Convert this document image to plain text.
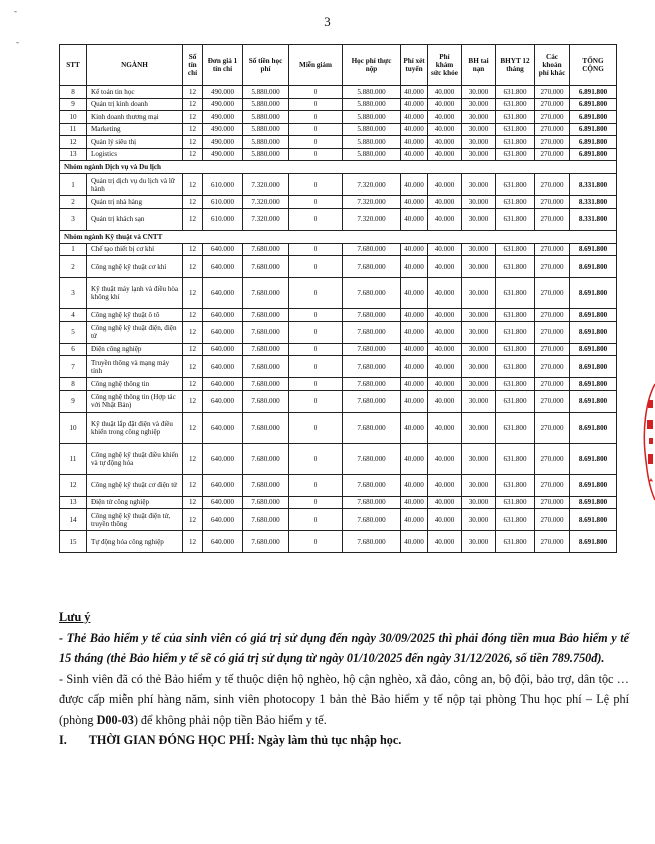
-
-
3
STT	NGÀNH	Số tín chỉ	Đơn giá 1 tín chỉ	Số tiền học phí	Miễn giảm	Học phí thực nộp	Phí xét tuyển	Phí khám sức khỏe	BH tai nạn	BHYT 12 tháng	Các khoản phí khác	TỔNG CỘNG
8	Kế toán tin học	12	490.000	5.880.000	0	5.880.000	40.000	40.000	30.000	631.800	270.000	6.891.800
9	Quản trị kinh doanh	12	490.000	5.880.000	0	5.880.000	40.000	40.000	30.000	631.800	270.000	6.891.800
10	Kinh doanh thương mại	12	490.000	5.880.000	0	5.880.000	40.000	40.000	30.000	631.800	270.000	6.891.800
11	Marketing	12	490.000	5.880.000	0	5.880.000	40.000	40.000	30.000	631.800	270.000	6.891.800
12	Quản lý siêu thị	12	490.000	5.880.000	0	5.880.000	40.000	40.000	30.000	631.800	270.000	6.891.800
13	Logistics	12	490.000	5.880.000	0	5.880.000	40.000	40.000	30.000	631.800	270.000	6.891.800
Nhóm ngành Dịch vụ và Du lịch												
1	Quản trị dịch vụ du lịch và lữ hành	12	610.000	7.320.000	0	7.320.000	40.000	40.000	30.000	631.800	270.000	8.331.800
2	Quản trị nhà hàng	12	610.000	7.320.000	0	7.320.000	40.000	40.000	30.000	631.800	270.000	8.331.800
3	Quản trị khách sạn	12	610.000	7.320.000	0	7.320.000	40.000	40.000	30.000	631.800	270.000	8.331.800
Nhóm ngành Kỹ thuật và CNTT												
1	Chế tạo thiết bị cơ khí	12	640.000	7.680.000	0	7.680.000	40.000	40.000	30.000	631.800	270.000	8.691.800
2	Công nghệ kỹ thuật cơ khí	12	640.000	7.680.000	0	7.680.000	40.000	40.000	30.000	631.800	270.000	8.691.800
3	Kỹ thuật máy lạnh và điều hòa không khí	12	640.000	7.680.000	0	7.680.000	40.000	40.000	30.000	631.800	270.000	8.691.800
4	Công nghệ kỹ thuật ô tô	12	640.000	7.680.000	0	7.680.000	40.000	40.000	30.000	631.800	270.000	8.691.800
5	Công nghệ kỹ thuật điện, điện tử	12	640.000	7.680.000	0	7.680.000	40.000	40.000	30.000	631.800	270.000	8.691.800
6	Điện công nghiệp	12	640.000	7.680.000	0	7.680.000	40.000	40.000	30.000	631.800	270.000	8.691.800
7	Truyền thông và mạng máy tính	12	640.000	7.680.000	0	7.680.000	40.000	40.000	30.000	631.800	270.000	8.691.800
8	Công nghệ thông tin	12	640.000	7.680.000	0	7.680.000	40.000	40.000	30.000	631.800	270.000	8.691.800
9	Công nghệ thông tin (Hợp tác với Nhật Bản)	12	640.000	7.680.000	0	7.680.000	40.000	40.000	30.000	631.800	270.000	8.691.800
10	Kỹ thuật lắp đặt điện và điều khiển trong công nghiệp	12	640.000	7.680.000	0	7.680.000	40.000	40.000	30.000	631.800	270.000	8.691.800
11	Công nghệ kỹ thuật điều khiển và tự động hóa	12	640.000	7.680.000	0	7.680.000	40.000	40.000	30.000	631.800	270.000	8.691.800
12	Công nghệ kỹ thuật cơ điện tử	12	640.000	7.680.000	0	7.680.000	40.000	40.000	30.000	631.800	270.000	8.691.800
13	Điện tử công nghiệp	12	640.000	7.680.000	0	7.680.000	40.000	40.000	30.000	631.800	270.000	8.691.800
14	Công nghệ kỹ thuật điện tử, truyền thông	12	640.000	7.680.000	0	7.680.000	40.000	40.000	30.000	631.800	270.000	8.691.800
15	Tự động hóa công nghiệp	12	640.000	7.680.000	0	7.680.000	40.000	40.000	30.000	631.800	270.000	8.691.800
Lưu ý
- Thẻ Bảo hiểm y tế của sinh viên có giá trị sử dụng đến ngày 30/09/2025 thì phải đóng tiền mua Bảo hiểm y tế 15 tháng (thẻ Bảo hiểm y tế sẽ có giá trị sử dụng từ ngày 01/10/2025 đến ngày 31/12/2026, số tiền 789.750đ).
- Sinh viên đã có thẻ Bảo hiểm y tế thuộc diện hộ nghèo, hộ cận nghèo, xã đảo, công an, bộ đội, bảo trợ, dân tộc … được cấp miễn phí hàng năm, sinh viên photocopy 1 bản thẻ Bảo hiểm y tế nộp tại phòng Thu học phí – Lệ phí (phòng D00-03) để không phải nộp tiền Bảo hiểm y tế.
I. THỜI GIAN ĐÓNG HỌC PHÍ: Ngày làm thủ tục nhập học.
